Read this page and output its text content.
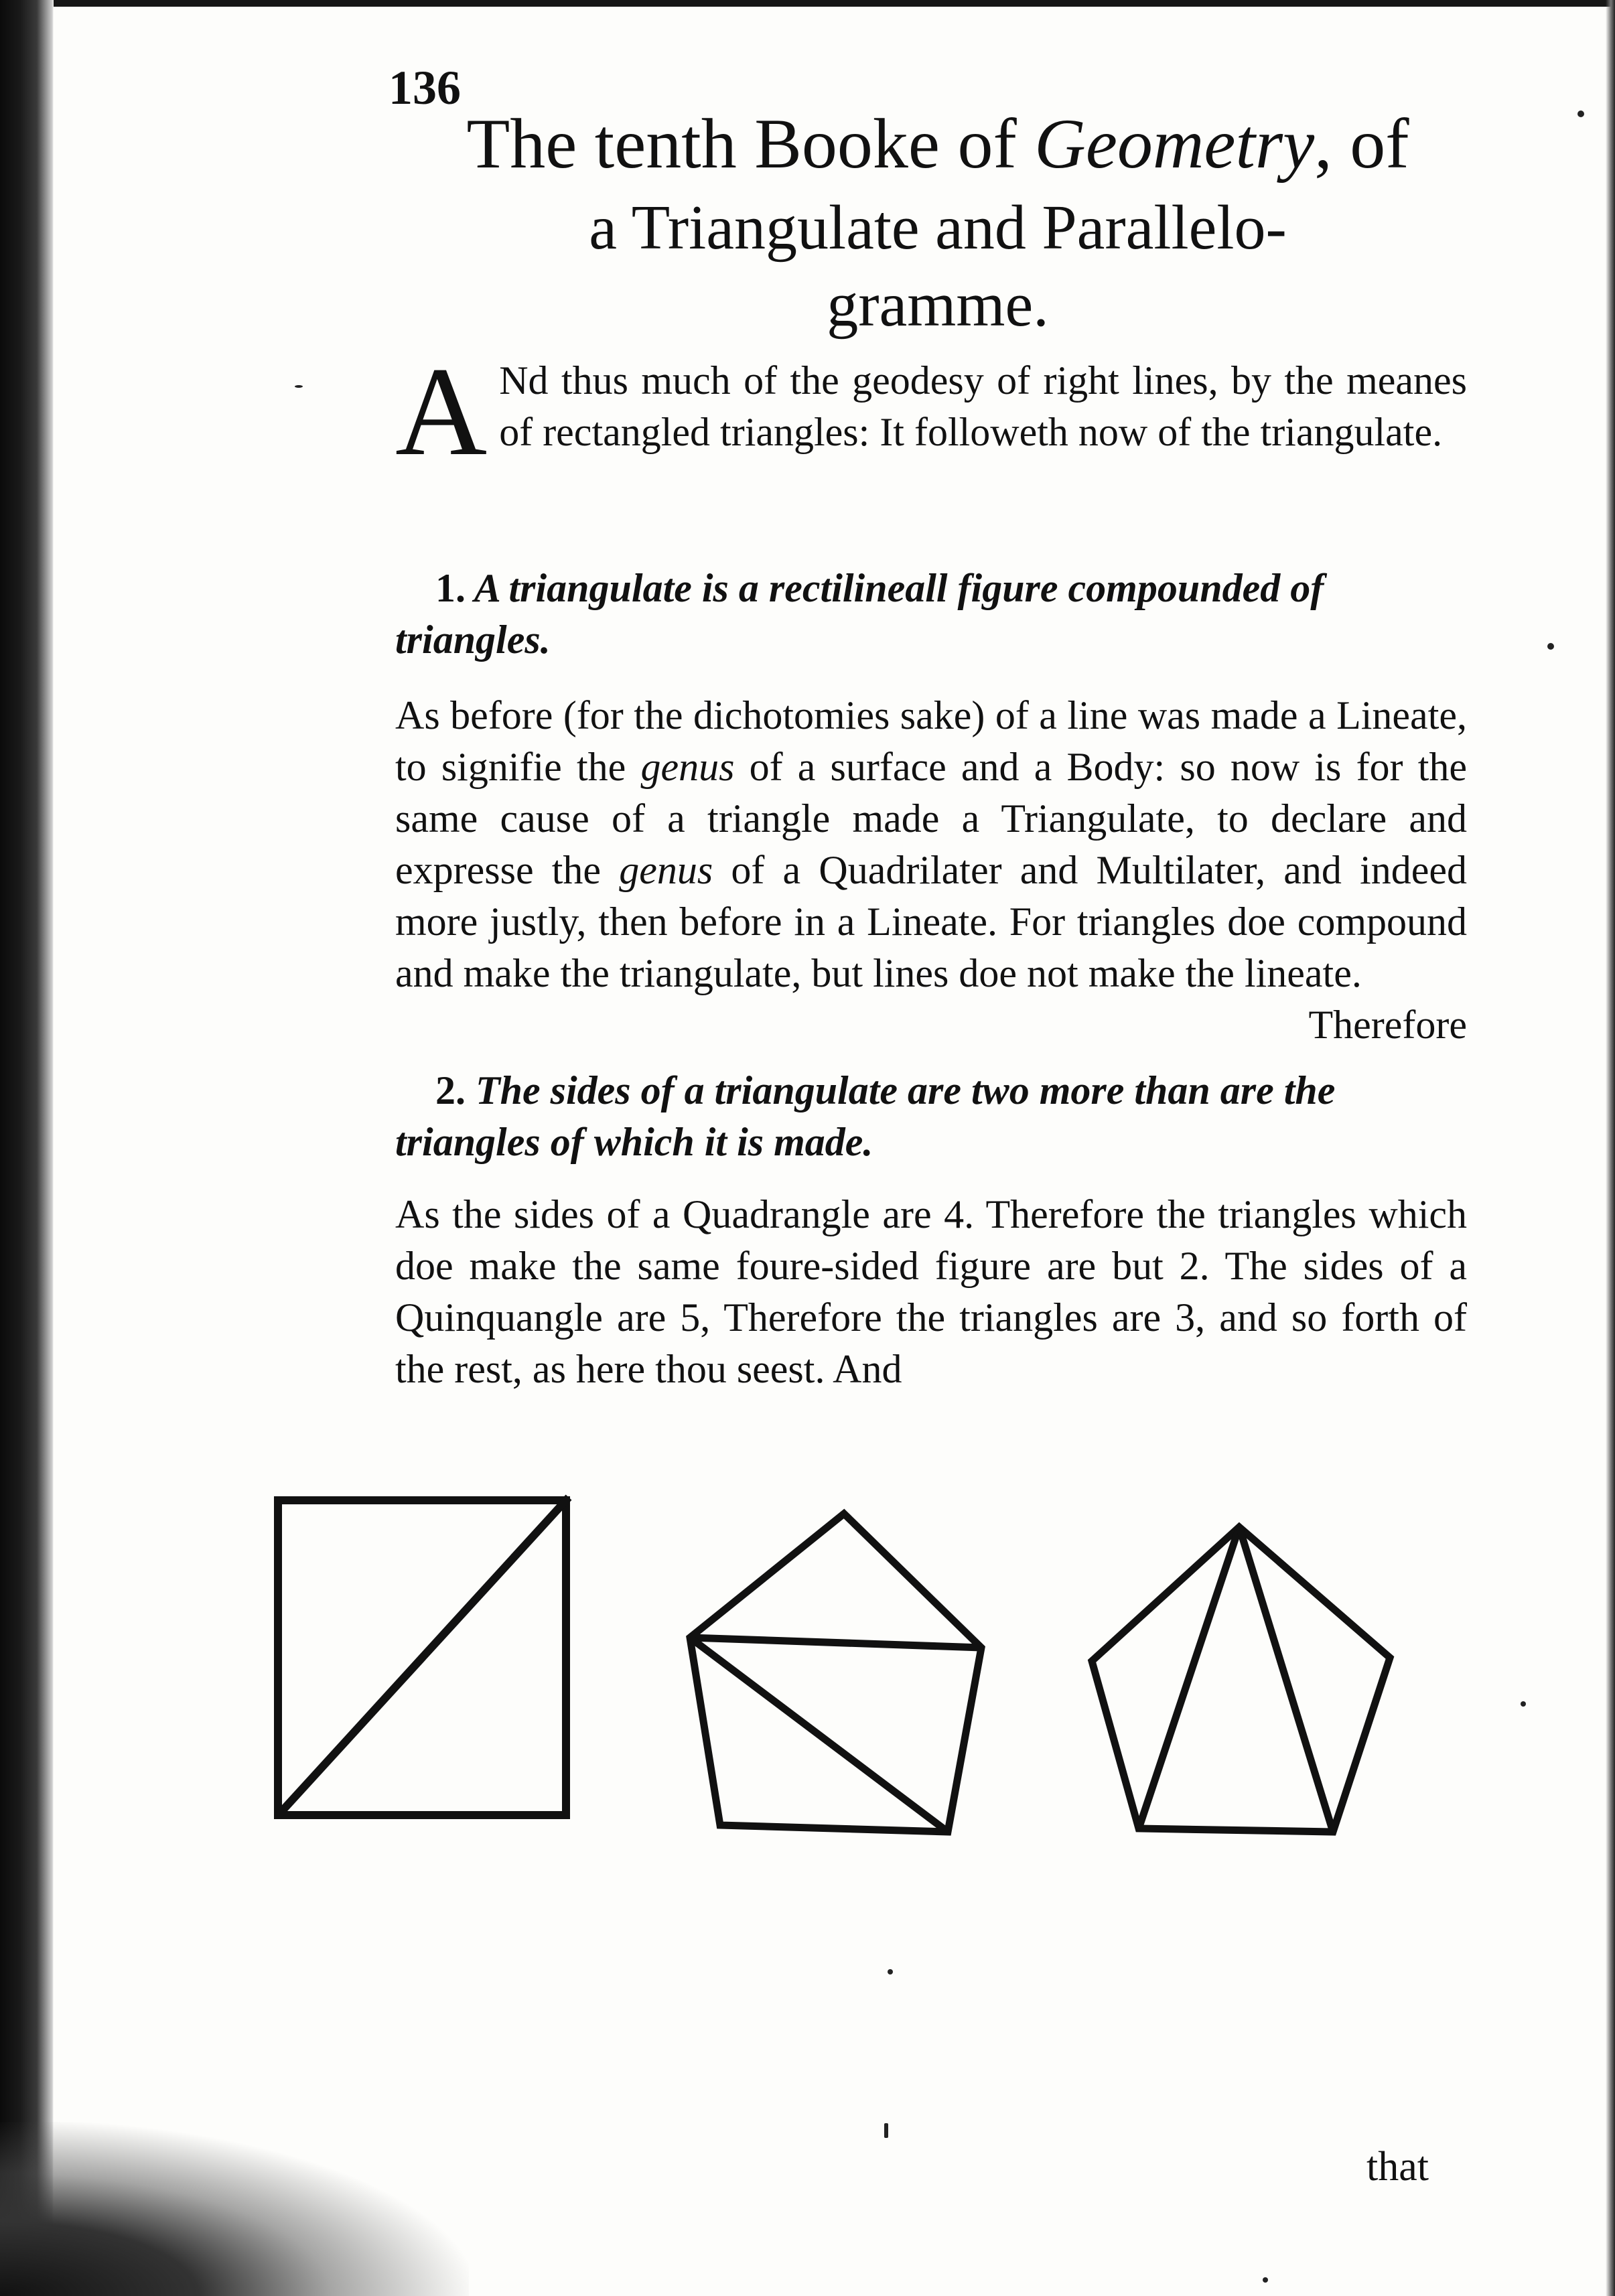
136

The tenth Booke of Geometry, of

a Triangulate and Parallelo-

gramme.

A Nd thus much of the geodesy of right lines, by the meanes of rectangled triangles: It followeth now of the triangulate.

1. A triangulate is a rectilineall figure compounded of triangles.

As before (for the dichotomies sake) of a line was made a Lineate, to signifie the genus of a surface and a Body: so now is for the same cause of a triangle made a Triangulate, to declare and expresse the genus of a Quadrilater and Multilater, and indeed more justly, then before in a Lineate. For triangles doe compound and make the triangulate, but lines doe not make the lineate.
Therefore

2. The sides of a triangulate are two more than are the triangles of which it is made.

As the sides of a Quadrangle are 4. Therefore the triangles which doe make the same foure-sided figure are but 2. The sides of a Quinquangle are 5, Therefore the triangles are 3, and so forth of the rest, as here thou seest. And

that
